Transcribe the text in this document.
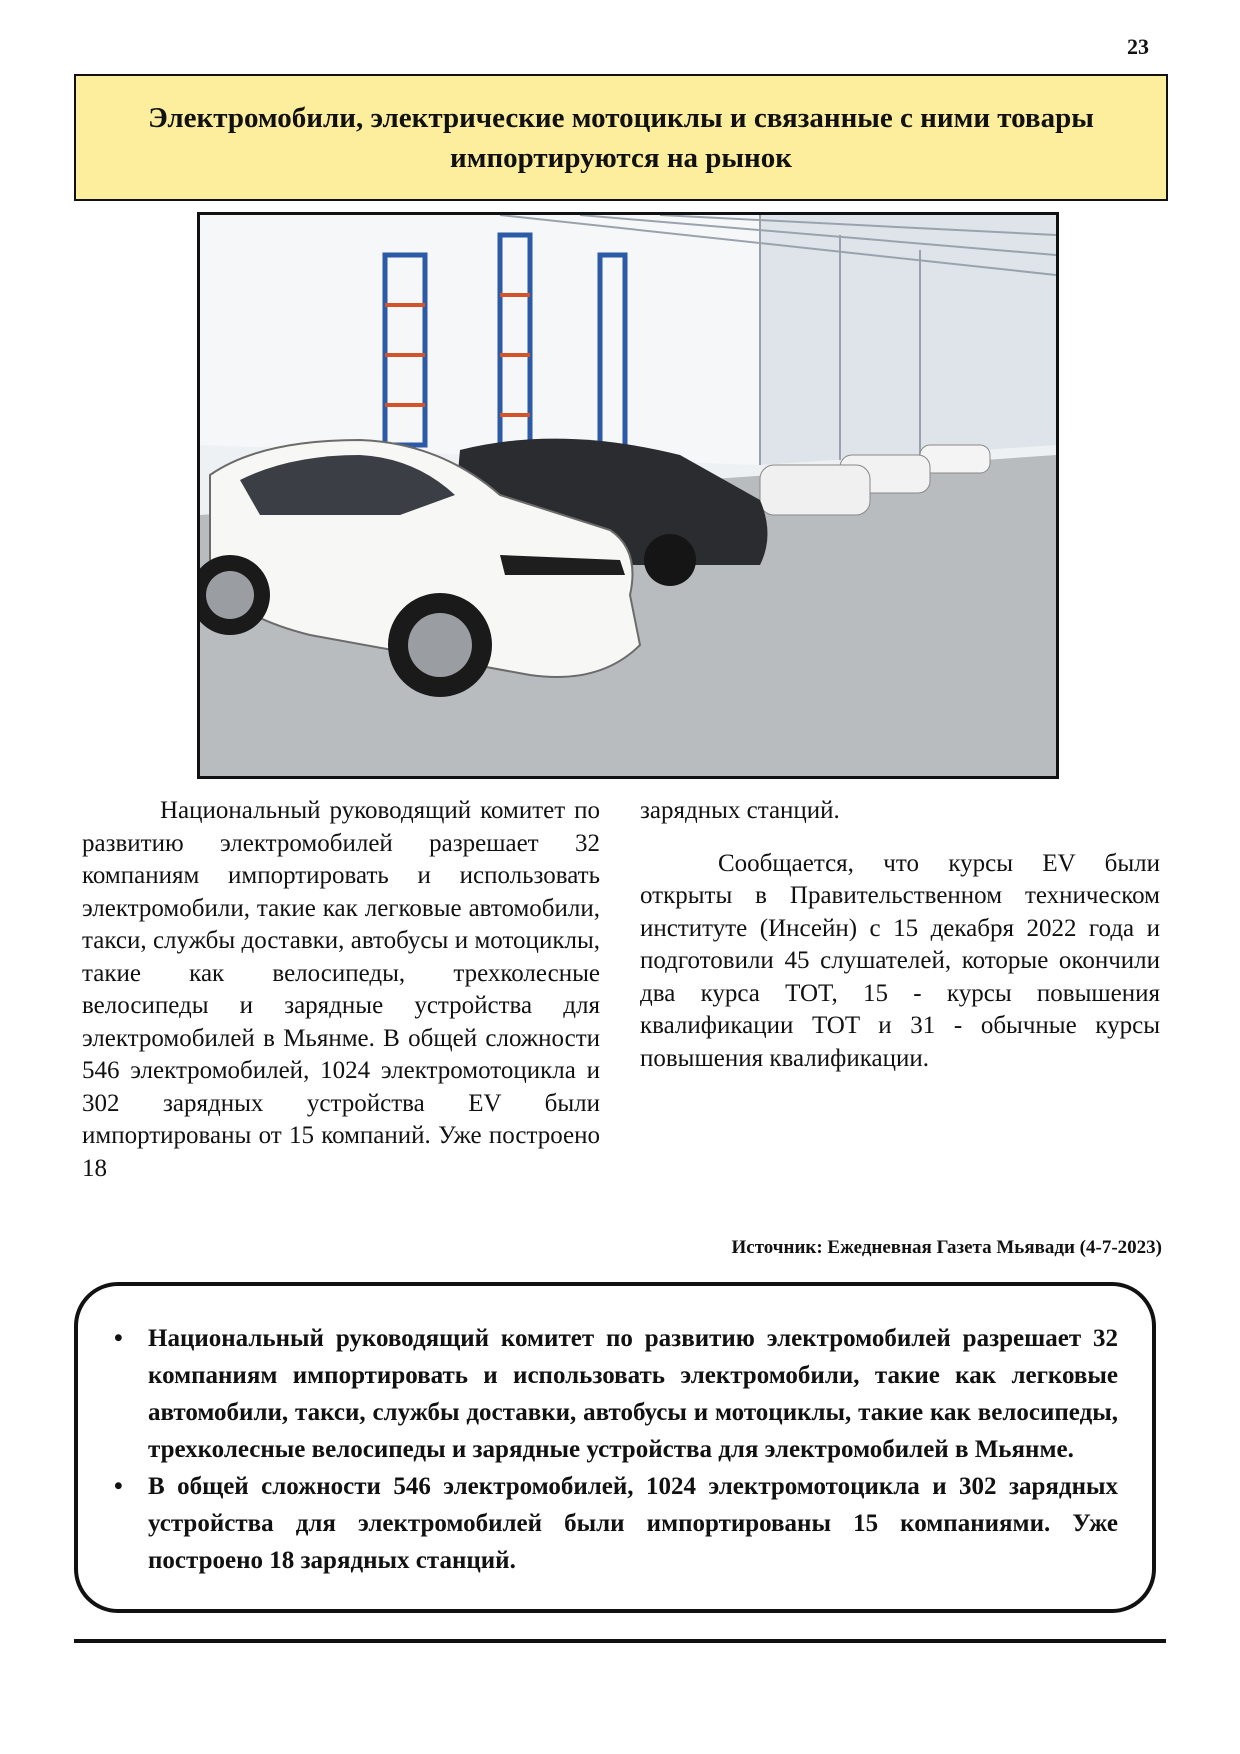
23
Электромобили, электрические мотоциклы и связанные с ними товары
импортируются на рынок

Национальный руководящий комитет по развитию электромобилей разрешает 32 компаниям импортировать и использовать электромобили, такие как легковые автомобили, такси, службы доставки, автобусы и мотоциклы, такие как велосипеды, трехколесные велосипеды и зарядные устройства для электромобилей в Мьянме. В общей сложности 546 электромобилей, 1024 электромотоцикла и 302 зарядных устройства EV были импортированы от 15 компаний. Уже построено 18

зарядных станций.

Сообщается, что курсы EV были открыты в Правительственном техническом институте (Инсейн) с 15 декабря 2022 года и подготовили 45 слушателей, которые окончили два курса TOT, 15 - курсы повышения квалификации TOT и 31 - обычные курсы повышения квалификации.

Источник: Ежедневная Газета Мьявади (4-7-2023)
• Национальный руководящий комитет по развитию электромобилей разрешает 32 компаниям импортировать и использовать электромобили, такие как легковые автомобили, такси, службы доставки, автобусы и мотоциклы, такие как велосипеды, трехколесные велосипеды и зарядные устройства для электромобилей в Мьянме.
• В общей сложности 546 электромобилей, 1024 электромотоцикла и 302 зарядных устройства для электромобилей были импортированы 15 компаниями. Уже построено 18 зарядных станций.
